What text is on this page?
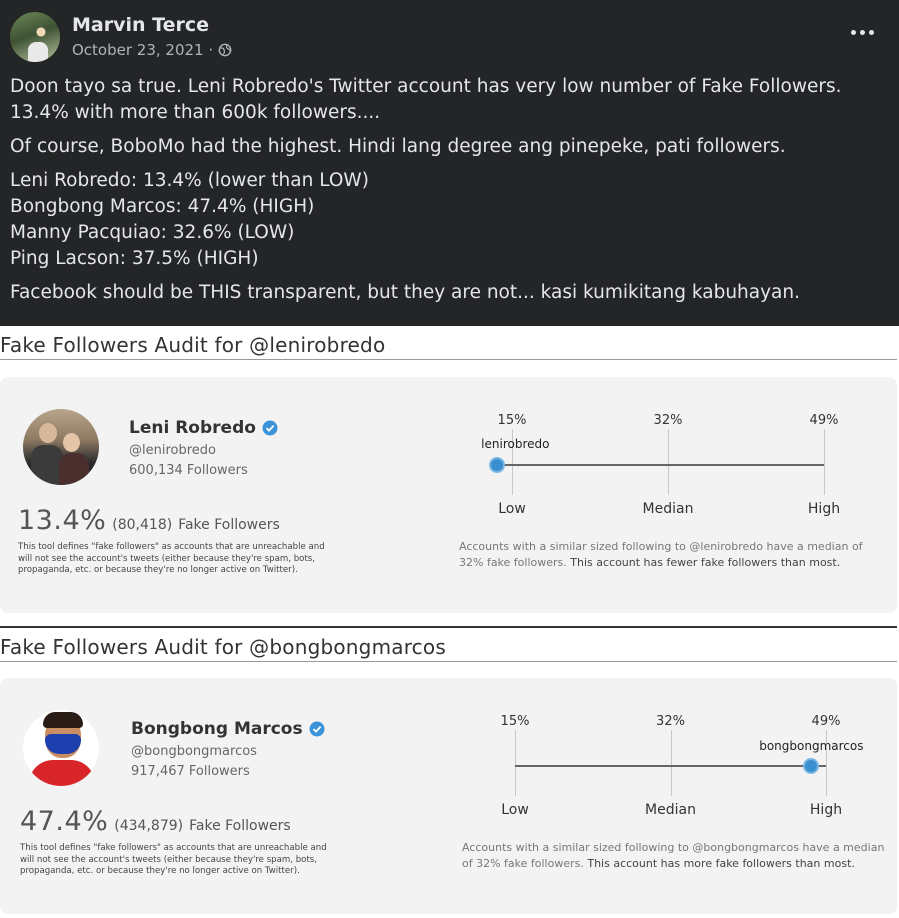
Marvin Terce
October 23, 2021 ·

Doon tayo sa true. Leni Robredo's Twitter account has very low number of Fake Followers. 13.4% with more than 600k followers....

Of course, BoboMo had the highest. Hindi lang degree ang pinepeke, pati followers.

Leni Robredo: 13.4% (lower than LOW)
Bongbong Marcos: 47.4% (HIGH)
Manny Pacquiao: 32.6% (LOW)
Ping Lacson: 37.5% (HIGH)

Facebook should be THIS transparent, but they are not... kasi kumikitang kabuhayan.

Fake Followers Audit for @lenirobredo
Leni Robredo
@lenirobredo
600,134 Followers
13.4% (80,418) Fake Followers
This tool defines "fake followers" as accounts that are unreachable and will not see the account's tweets (either because they're spam, bots, propaganda, etc. or because they're no longer active on Twitter).
15%
Low
32%
Median
49%
High
lenirobredo
Accounts with a similar sized following to @lenirobredo have a median of 32% fake followers. This account has fewer fake followers than most.
Fake Followers Audit for @bongbongmarcos
Bongbong Marcos
@bongbongmarcos
917,467 Followers
47.4% (434,879) Fake Followers
This tool defines "fake followers" as accounts that are unreachable and will not see the account's tweets (either because they're spam, bots, propaganda, etc. or because they're no longer active on Twitter).
15%
Low
32%
Median
49%
High
bongbongmarcos
Accounts with a similar sized following to @bongbongmarcos have a median of 32% fake followers. This account has more fake followers than most.
